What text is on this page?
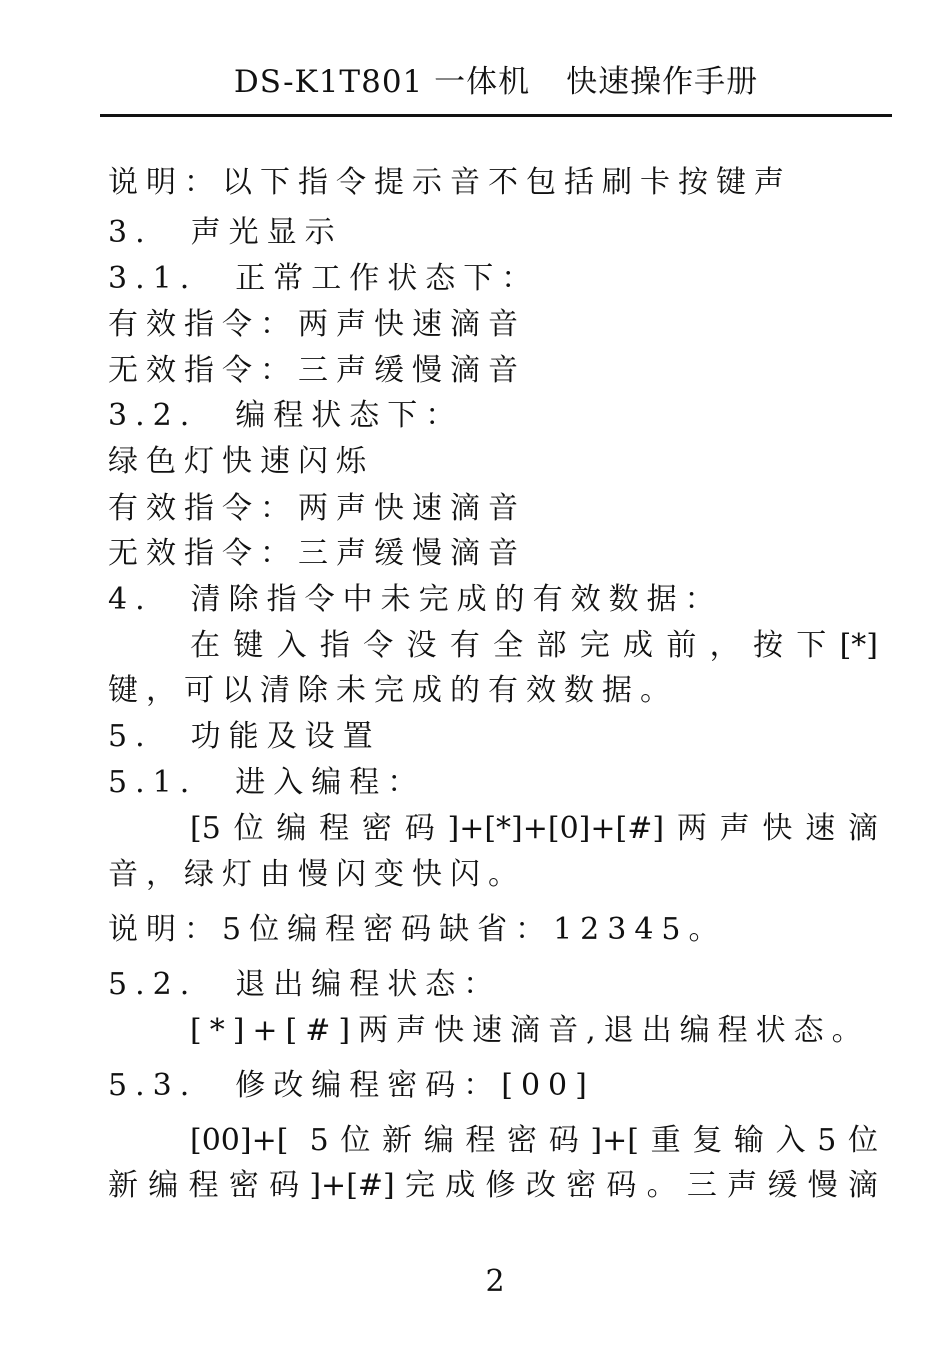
DS-K1T801 一体机 快速操作手册
说明：以下指令提示音不包括刷卡按键声
3.　声光显示
3.1.　正常工作状态下：
有效指令：两声快速滴音
无效指令：三声缓慢滴音
3.2.　编程状态下：
绿色灯快速闪烁
有效指令：两声快速滴音
无效指令：三声缓慢滴音
4.　清除指令中未完成的有效数据：
在键入指令没有全部完成前，按下[*]
键，可以清除未完成的有效数据。
5.　功能及设置
5.1.　进入编程：
[5位编程密码]+[*]+[0]+[#]两声快速滴
音，绿灯由慢闪变快闪。
说明：5位编程密码缺省：12345。
5.2.　退出编程状态：
[*]+[#]两声快速滴音,退出编程状态。
5.3.　修改编程密码：[00]
[00]+[ 5位新编程密码]+[重复输入5位
新编程密码]+[#]完成修改密码。三声缓慢滴
2
